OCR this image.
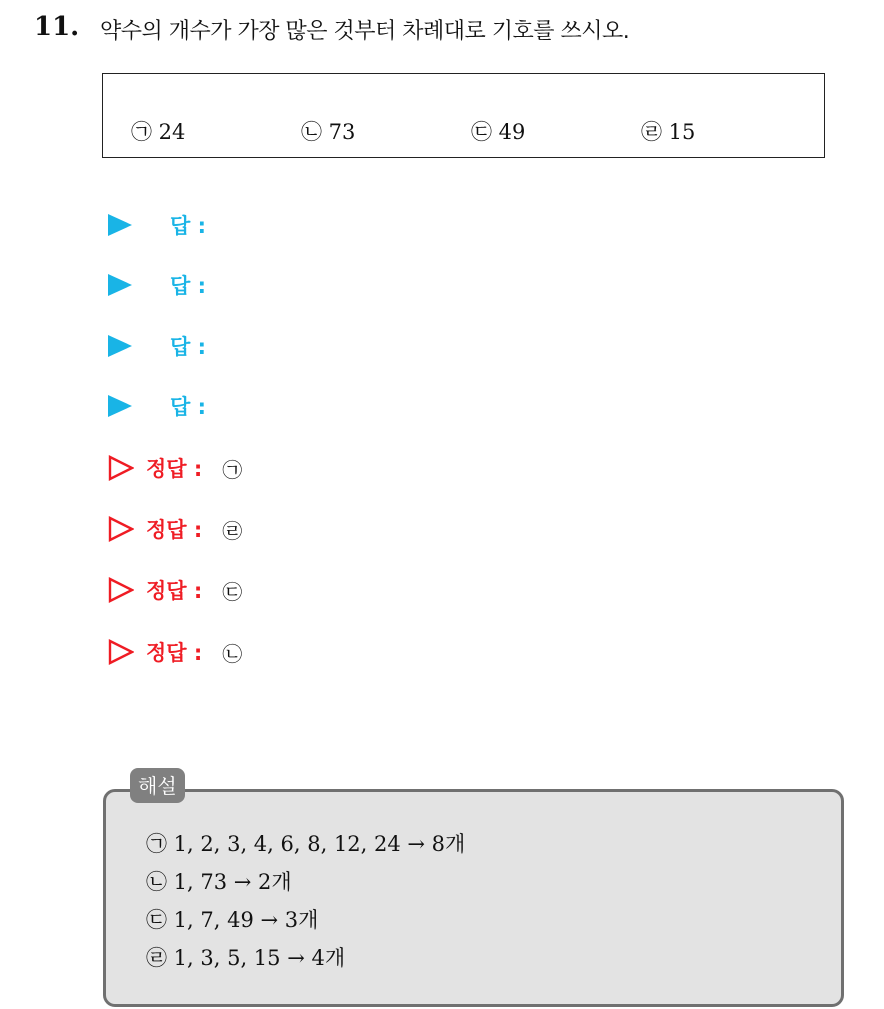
11. 약수의 개수가 가장 많은 것부터 차례대로 기호를 쓰시오.
㉠ 24	㉡ 73	㉢ 49	㉣ 15
답 :
답 :
답 :
답 :
정답 : ㉠
정답 : ㉣
정답 : ㉢
정답 : ㉡
해설
㉠ 1, 2, 3, 4, 6, 8, 12, 24 → 8개
㉡ 1, 73 → 2개
㉢ 1, 7, 49 → 3개
㉣ 1, 3, 5, 15 → 4개
